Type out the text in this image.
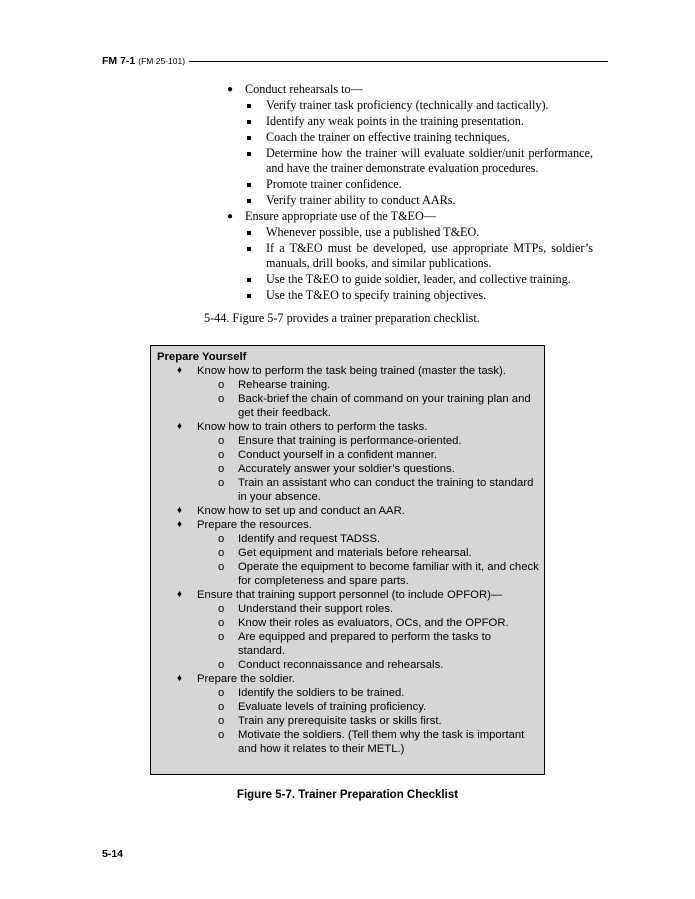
FM 7-1 (FM 25-101)
● Conduct rehearsals to—
Verify trainer task proficiency (technically and tactically).
Identify any weak points in the training presentation.
Coach the trainer on effective training techniques.
Determine how the trainer will evaluate soldier/unit performance, and have the trainer demonstrate evaluation procedures.
Promote trainer confidence.
Verify trainer ability to conduct AARs.
● Ensure appropriate use of the T&EO—
Whenever possible, use a published T&EO.
If a T&EO must be developed, use appropriate MTPs, soldier’s manuals, drill books, and similar publications.
Use the T&EO to guide soldier, leader, and collective training.
Use the T&EO to specify training objectives.
5-44. Figure 5-7 provides a trainer preparation checklist.
Prepare Yourself
♦ Know how to perform the task being trained (master the task).
o Rehearse training.
o Back-brief the chain of command on your training plan and get their feedback.
♦ Know how to train others to perform the tasks.
o Ensure that training is performance-oriented.
o Conduct yourself in a confident manner.
o Accurately answer your soldier’s questions.
o Train an assistant who can conduct the training to standard in your absence.
♦ Know how to set up and conduct an AAR.
♦ Prepare the resources.
o Identify and request TADSS.
o Get equipment and materials before rehearsal.
o Operate the equipment to become familiar with it, and check for completeness and spare parts.
♦ Ensure that training support personnel (to include OPFOR)—
o Understand their support roles.
o Know their roles as evaluators, OCs, and the OPFOR.
o Are equipped and prepared to perform the tasks to standard.
o Conduct reconnaissance and rehearsals.
♦ Prepare the soldier.
o Identify the soldiers to be trained.
o Evaluate levels of training proficiency.
o Train any prerequisite tasks or skills first.
o Motivate the soldiers. (Tell them why the task is important and how it relates to their METL.)
Figure 5-7. Trainer Preparation Checklist
5-14
